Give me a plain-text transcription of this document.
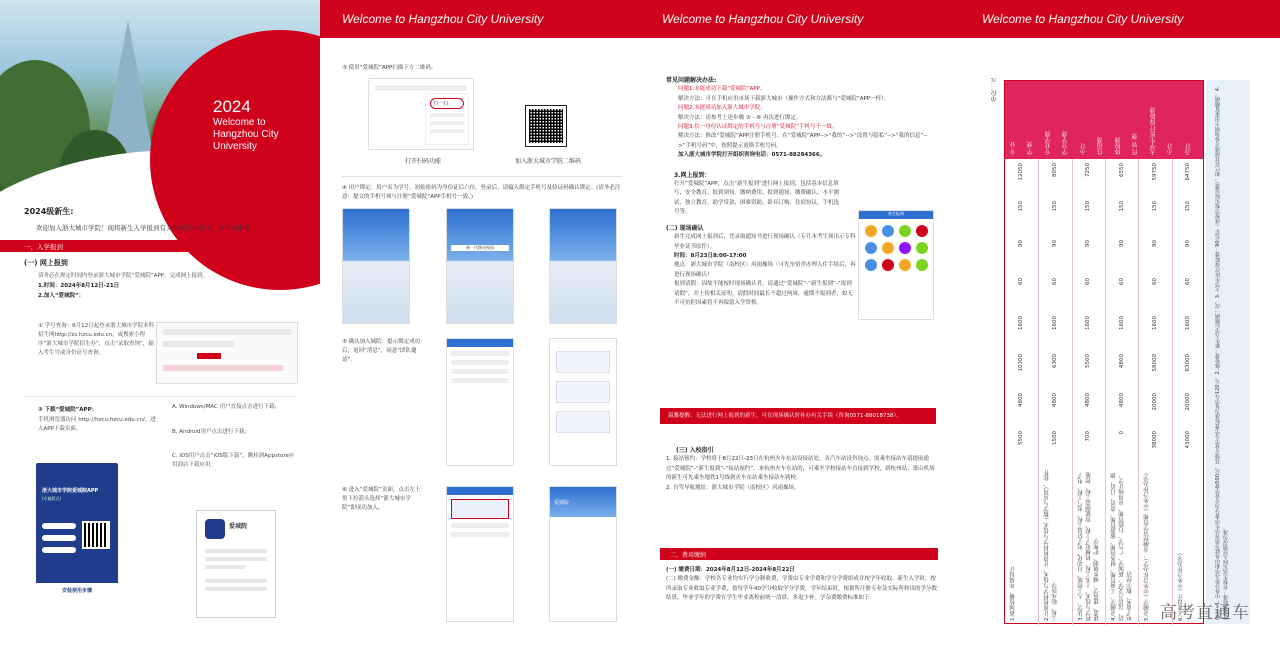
2024
Welcome to
Hangzhou City
University
2024级新生:
欢迎加入浙大城市学院！现将新生入学报到有关事项告知如下，请予以准备。
一、入学报到
(一) 网上报到
请务必在规定时间内登录浙大城市学院“爱城院”APP，完成网上报到。
1.时间：2024年8月12日-21日
2.加入“爱城院”：
① 学号查询：8月12日起登录浙大城市学院本科招生网http://zs.hzcu.edu.cn，或搜索小程序“浙大城市学院招生办”，点击“录取查询”，输入考生号或身份证号查询。
② 下载“爱城院”APP：
手机浏览器访问 http://hzcu.hzcu.edu.cn/，进入APP下载页面。
A. Windows/MAC 用户直接点击进行下载;
B. Android用户点击进行下载;
C. iOS用户点击“iOS版下载”，跳转到Appstore应用商店下载应用。
浙大城市学院爱城院APP
(专属版式)
安装使用步骤
爱城院
Welcome to Hangzhou City University
③ 使用“爱城院”APP扫描下方二维码。
扫一扫
打开扫码功能	加入浙大城市学院二维码
④ 用户绑定：用户名为学号，初始密码为身份证后六位。登录后，请输入绑定手机号及验证码确认绑定。(请务必注意：提交的手机号须与注册“爱城院”APP手机号一致。)
新一代移动校园
⑤ 确认加入城院：提示绑定成功后，返回“消息”，同意“团队邀请”。
⑥ 进入“爱城院”页面，点击左上角下拉箭头选择“浙大城市学院”即成功加入。
爱城院
Welcome to Hangzhou City University
常见问题解决办法:
问题1.未能成功下载“爱城院”APP。
解决方法：可在手机应用市场下载浙大城市（操作方式和方法都与“爱城院”APP一样）。
问题2.未能成功加入浙大城市学院。
解决方法：请参考上述步骤 ③ - ⑥ 再次进行绑定。
问题3.信一身份认证绑定的手机号与注册“爱城院”手机号不一致。
解决方法：修改“爱城院”APP注册手机号。在“爱城院”APP-->“我的”-->“设置与隐私”-->“我的信息”-->“手机号码”中，按照提示更换手机号码。
加入浙大城市学院打开组织咨询电话：0571-88284366。
3.网上报到：
打开“爱城院”APP，点击“新生报到”进行网上报到，包括基本信息填写、安全教育、报到须知、缴纳费用、报到通知、缴费确认、水平测试、独立教育、助学贷款、困难资助、卧具订购、住宿协议、手机选号等。
(二) 现场确认
新生完成网上报到后，凭录取通知书进行现场确认（专升本考生须出示专科毕业证书原件）。
时间：8月23日8:00-17:00
地点：浙大城市学院（南校区）风雨操场（可先至宿舍办理入住手续后，再进行现场确认）
报到请假：因故不能按时现场确认者，请通过“爱城院”-“新生报到”-“报到请假”，并上传相关证明。请假时间最长不超过两周，逾期不报到者，如无不可抗拒因素将不再保留入学资格。
新生报到
温馨提醒：无法进行网上报到的新生，可在现场确认时补办有关手续（咨询0571-88018738）。
(三) 入校指引
1. 接站预约：学校将于8月22日-23日在杭州火车东站设接站处，各汽车站设咨询点。需乘坐接站车请提前通过“爱城院”-“新生报到”-“接站预约”，来杭州火车东站的，可乘坐学校接站车直接到学校，到杭州站、萧山机场的新生可先乘坐地铁1号线到火车东站乘坐接站车到校。
2. 自驾导航地址：浙大城市学院（南校区）风雨操场。
二、费用缴纳
(一) 缴费日期：2024年8月12日-2024年8月22日
(二) 缴费金额：学校各专业均实行学分制收费，学费由专业学费和学分学费组成并按学年收取。新生入学时，按所录取专业收取专业学费，按每学年40学分收取学分学费。学年结束时，根据所注册专业及实际所修读的学分数结算，毕业学年的学费在学生毕业离校前统一清算，多退少补。学杂费缴费标准如下：
Welcome to Hangzhou City University
单位：元
专 业 学 费 专业学费 学分学费 小计 住宿费 体检费 代 管 费 大学生医疗保险费 小计 合计
5500
4800
10300
1600
60
90
150
12050
1.新闻传播、环境设计
1500
4800
6300
1600
60
90
150
8050
2.计算机科学与技术、计算机科学与技术（数学与应用）、软件工程、临床医学
700
4800
5500
1600
60
90
150
7250
3.法学、人工智能、自动化、电子信息工程、电气工程、电子科学与技术、土木工程、机械电子工程、智能制造工程、智能建造、建筑学、城乡规划、护理学
0
4800
4800
1600
60
90
150
6550
4.金融学、工商管理、财务管理、旅游管理、英语、日语、德语、汉语言文学、新闻学、广告学、行政管理、应用统计学、电子商务、数字经济
38000
20000
58000
1600
60
90
150
59750
5.金融学（中外合作办学）、金融经济学管理（中外合作办学）
43000
20000
63000
1600
60
90
150
64750
6.工业设计（中外合作办学）	备注：1. 中外合作办学和中外联合培养学生学费分为专业学费500元，其他专业学分学费标准为每学分120元。2. 体检费：新生入学后缴纳一次。3. 大学生医疗保险费：90元/年（或按学校实际交费），如已在其他地方参加则不用重复缴纳。4. 住宿费标准：在校生以实际入住情况为准。
高考直通车
